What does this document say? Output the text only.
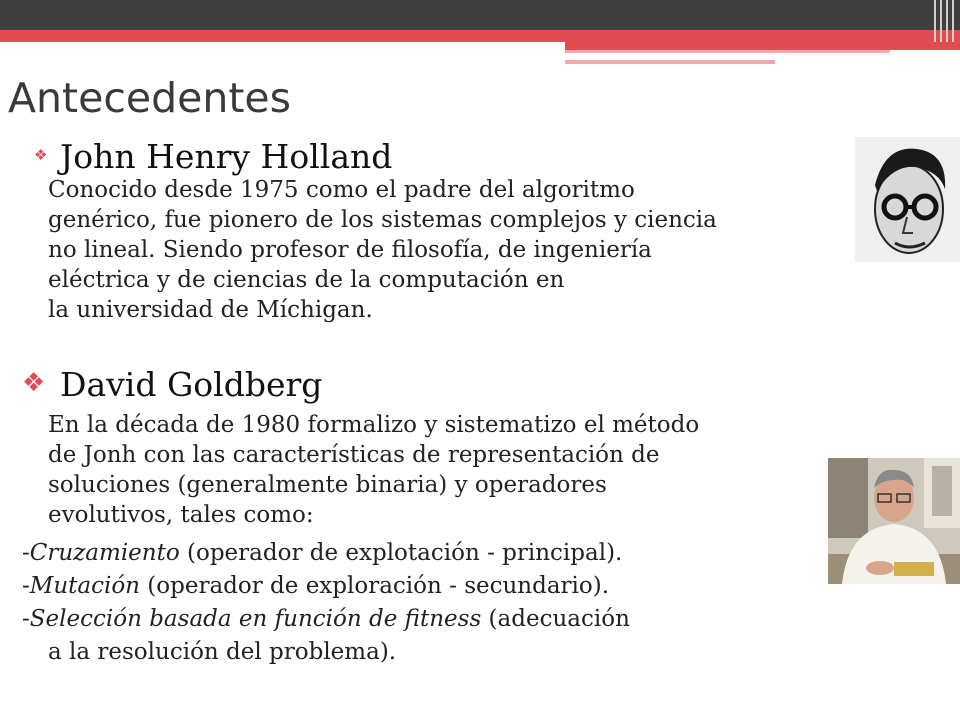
Antecedentes
❖ John Henry Holland
Conocido desde 1975 como el padre del algoritmo
genérico, fue pionero de los sistemas complejos y ciencia
no lineal. Siendo profesor de filosofía, de ingeniería
eléctrica y de ciencias de la computación en
la universidad de Míchigan.
❖ David Goldberg
En la década de 1980 formalizo y sistematizo el método
de Jonh con las características de representación de
soluciones (generalmente binaria) y operadores
evolutivos, tales como:
-Cruzamiento (operador de explotación - principal).
-Mutación (operador de exploración - secundario).
-Selección basada en función de fitness (adecuación
a la resolución del problema).
